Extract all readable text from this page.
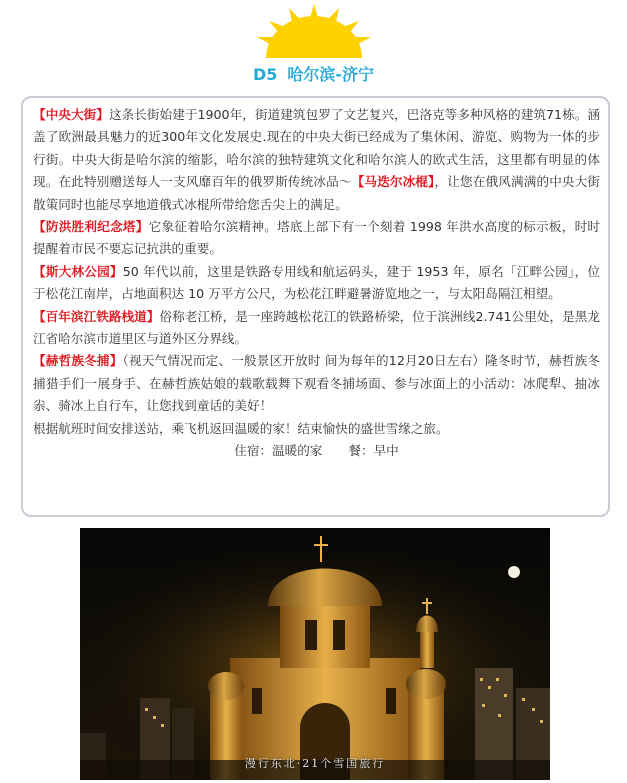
D5 哈尔滨-济宁

【中央大街】这条长街始建于1900年，街道建筑包罗了文艺复兴，巴洛克等多种风格的建筑71栋。涵盖了欧洲最具魅力的近300年文化发展史.现在的中央大街已经成为了集休闲、游览、购物为一体的步行街。中央大街是哈尔滨的缩影，哈尔滨的独特建筑文化和哈尔滨人的欧式生活，这里都有明显的体现。在此特别赠送每人一支风靡百年的俄罗斯传统冰品～【马迭尔冰棍】，让您在俄风满满的中央大街散策同时也能尽享地道俄式冰棍所带给您舌尖上的满足。

【防洪胜利纪念塔】它象征着哈尔滨精神。塔底上部下有一个刻着 1998 年洪水高度的标示板，时时提醒着市民不要忘记抗洪的重要。

【斯大林公园】50 年代以前，这里是铁路专用线和航运码头，建于 1953 年，原名「江畔公园」，位于松花江南岸，占地面积达 10 万平方公尺，为松花江畔避暑游览地之一，与太阳岛隔江相望。

【百年滨江铁路栈道】俗称老江桥，是一座跨越松花江的铁路桥梁，位于滨洲线2.741公里处，是黑龙江省哈尔滨市道里区与道外区分界线。

【赫哲族冬捕】（视天气情况而定、一般景区开放时 间为每年的12月20日左右）隆冬时节，赫哲族冬捕猎手们一展身手、在赫哲族姑娘的载歌载舞下观看冬捕场面、参与冰面上的小活动：冰爬犁、抽冰尜、骑冰上自行车，让您找到童话的美好！

根据航班时间安排送站，乘飞机返回温暖的家！结束愉快的盛世雪缘之旅。

住宿：温暖的家 餐：早中

漫行东北·21个雪国旅行
